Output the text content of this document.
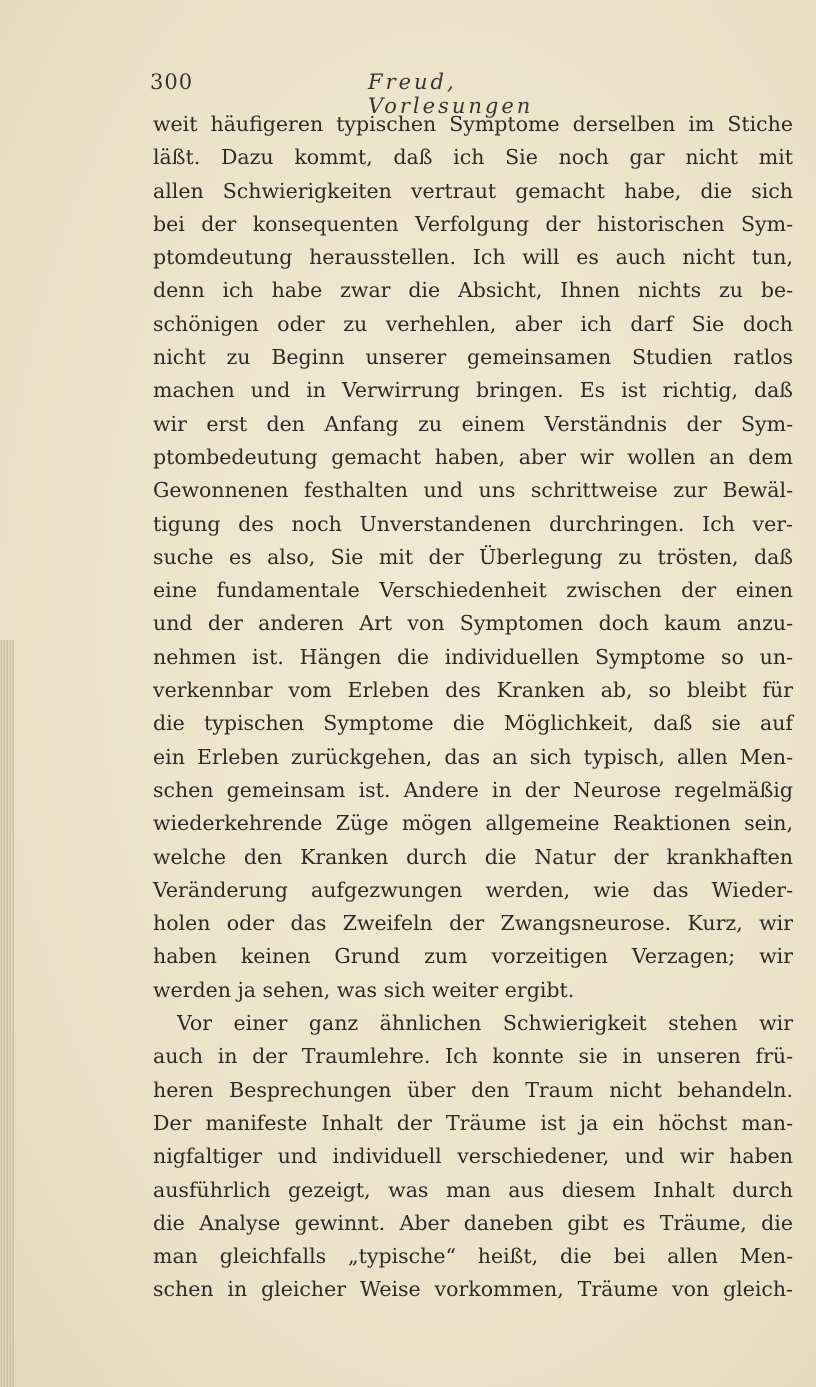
300	Freud, Vorlesungen
weit häufigeren typischen Symptome derselben im Stiche
läßt. Dazu kommt, daß ich Sie noch gar nicht mit
allen Schwierigkeiten vertraut gemacht habe, die sich
bei der konsequenten Verfolgung der historischen Sym-
ptomdeutung herausstellen. Ich will es auch nicht tun,
denn ich habe zwar die Absicht, Ihnen nichts zu be-
schönigen oder zu verhehlen, aber ich darf Sie doch
nicht zu Beginn unserer gemeinsamen Studien ratlos
machen und in Verwirrung bringen. Es ist richtig, daß
wir erst den Anfang zu einem Verständnis der Sym-
ptombedeutung gemacht haben, aber wir wollen an dem
Gewonnenen festhalten und uns schrittweise zur Bewäl-
tigung des noch Unverstandenen durchringen. Ich ver-
suche es also, Sie mit der Überlegung zu trösten, daß
eine fundamentale Verschiedenheit zwischen der einen
und der anderen Art von Symptomen doch kaum anzu-
nehmen ist. Hängen die individuellen Symptome so un-
verkennbar vom Erleben des Kranken ab, so bleibt für
die typischen Symptome die Möglichkeit, daß sie auf
ein Erleben zurückgehen, das an sich typisch, allen Men-
schen gemeinsam ist. Andere in der Neurose regelmäßig
wiederkehrende Züge mögen allgemeine Reaktionen sein,
welche den Kranken durch die Natur der krankhaften
Veränderung aufgezwungen werden, wie das Wieder-
holen oder das Zweifeln der Zwangsneurose. Kurz, wir
haben keinen Grund zum vorzeitigen Verzagen; wir
werden ja sehen, was sich weiter ergibt.
Vor einer ganz ähnlichen Schwierigkeit stehen wir
auch in der Traumlehre. Ich konnte sie in unseren frü-
heren Besprechungen über den Traum nicht behandeln.
Der manifeste Inhalt der Träume ist ja ein höchst man-
nigfaltiger und individuell verschiedener, und wir haben
ausführlich gezeigt, was man aus diesem Inhalt durch
die Analyse gewinnt. Aber daneben gibt es Träume, die
man gleichfalls „typische“ heißt, die bei allen Men-
schen in gleicher Weise vorkommen, Träume von gleich-
